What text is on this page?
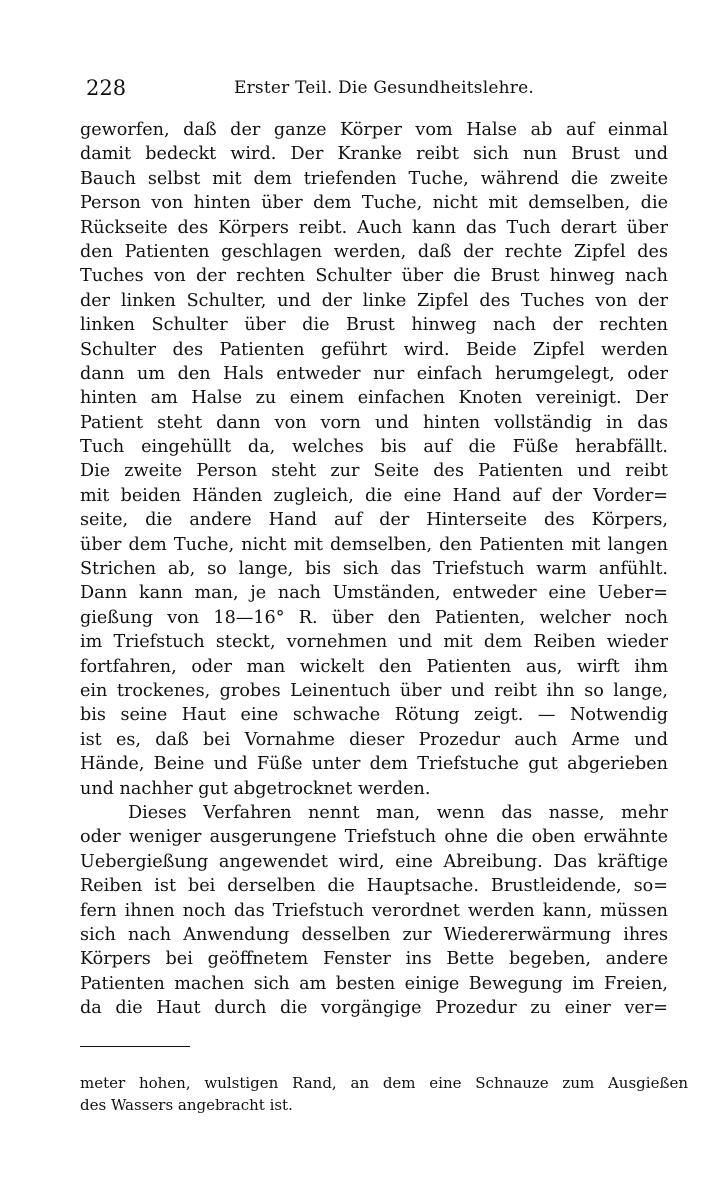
228	Erster Teil. Die Gesundheitslehre.
geworfen, daß der ganze Körper vom Halse ab auf einmal
damit bedeckt wird. Der Kranke reibt sich nun Brust und
Bauch selbst mit dem triefenden Tuche, während die zweite
Person von hinten über dem Tuche, nicht mit demselben, die
Rückseite des Körpers reibt. Auch kann das Tuch derart über
den Patienten geschlagen werden, daß der rechte Zipfel des
Tuches von der rechten Schulter über die Brust hinweg nach
der linken Schulter, und der linke Zipfel des Tuches von der
linken Schulter über die Brust hinweg nach der rechten
Schulter des Patienten geführt wird. Beide Zipfel werden
dann um den Hals entweder nur einfach herumgelegt, oder
hinten am Halse zu einem einfachen Knoten vereinigt. Der
Patient steht dann von vorn und hinten vollständig in das
Tuch eingehüllt da, welches bis auf die Füße herabfällt.
Die zweite Person steht zur Seite des Patienten und reibt
mit beiden Händen zugleich, die eine Hand auf der Vorder=
seite, die andere Hand auf der Hinterseite des Körpers,
über dem Tuche, nicht mit demselben, den Patienten mit langen
Strichen ab, so lange, bis sich das Triefstuch warm anfühlt.
Dann kann man, je nach Umständen, entweder eine Ueber=
gießung von 18—16° R. über den Patienten, welcher noch
im Triefstuch steckt, vornehmen und mit dem Reiben wieder
fortfahren, oder man wickelt den Patienten aus, wirft ihm
ein trockenes, grobes Leinentuch über und reibt ihn so lange,
bis seine Haut eine schwache Rötung zeigt. — Notwendig
ist es, daß bei Vornahme dieser Prozedur auch Arme und
Hände, Beine und Füße unter dem Triefstuche gut abgerieben
und nachher gut abgetrocknet werden.
Dieses Verfahren nennt man, wenn das nasse, mehr
oder weniger ausgerungene Triefstuch ohne die oben erwähnte
Uebergießung angewendet wird, eine Abreibung. Das kräftige
Reiben ist bei derselben die Hauptsache. Brustleidende, so=
fern ihnen noch das Triefstuch verordnet werden kann, müssen
sich nach Anwendung desselben zur Wiedererwärmung ihres
Körpers bei geöffnetem Fenster ins Bette begeben, andere
Patienten machen sich am besten einige Bewegung im Freien,
da die Haut durch die vorgängige Prozedur zu einer ver=
meter hohen, wulstigen Rand, an dem eine Schnauze zum Ausgießen
des Wassers angebracht ist.
